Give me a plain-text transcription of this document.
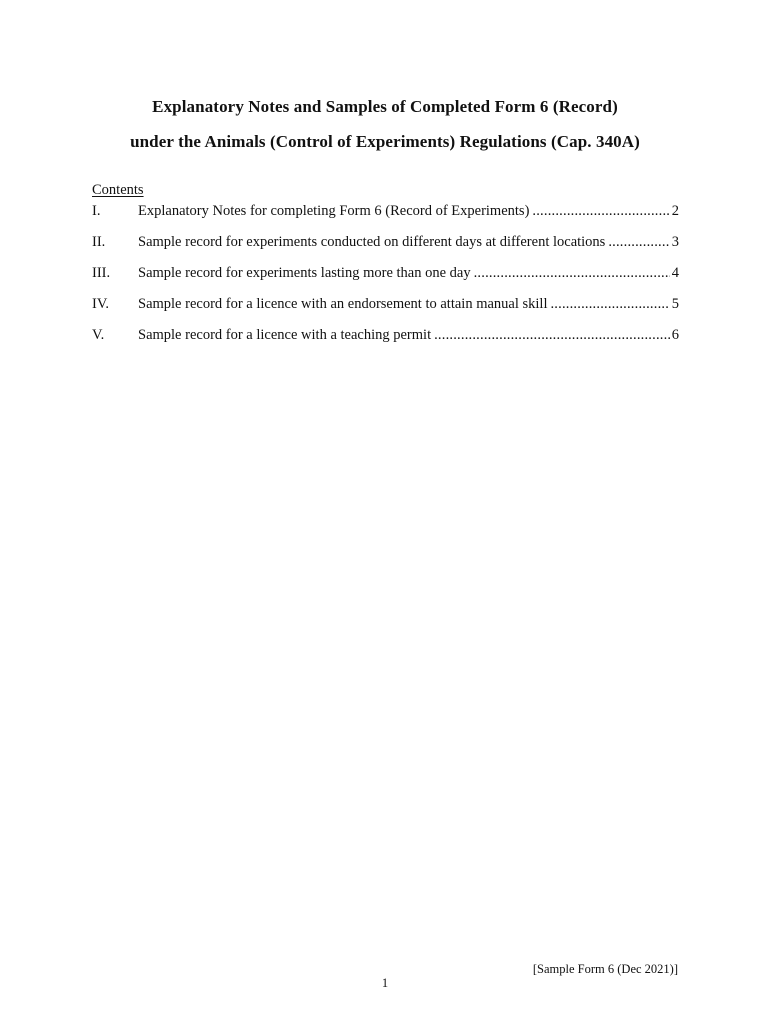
Explanatory Notes and Samples of Completed Form 6 (Record)
under the Animals (Control of Experiments) Regulations (Cap. 340A)
Contents
I.	Explanatory Notes for completing Form 6 (Record of Experiments) .....	2
II.	Sample record for experiments conducted on different days at different locations .....	3
III.	Sample record for experiments lasting more than one day .....	4
IV.	Sample record for a licence with an endorsement to attain manual skill .....	5
V.	Sample record for a licence with a teaching permit .....	6
[Sample Form 6 (Dec 2021)]
1
